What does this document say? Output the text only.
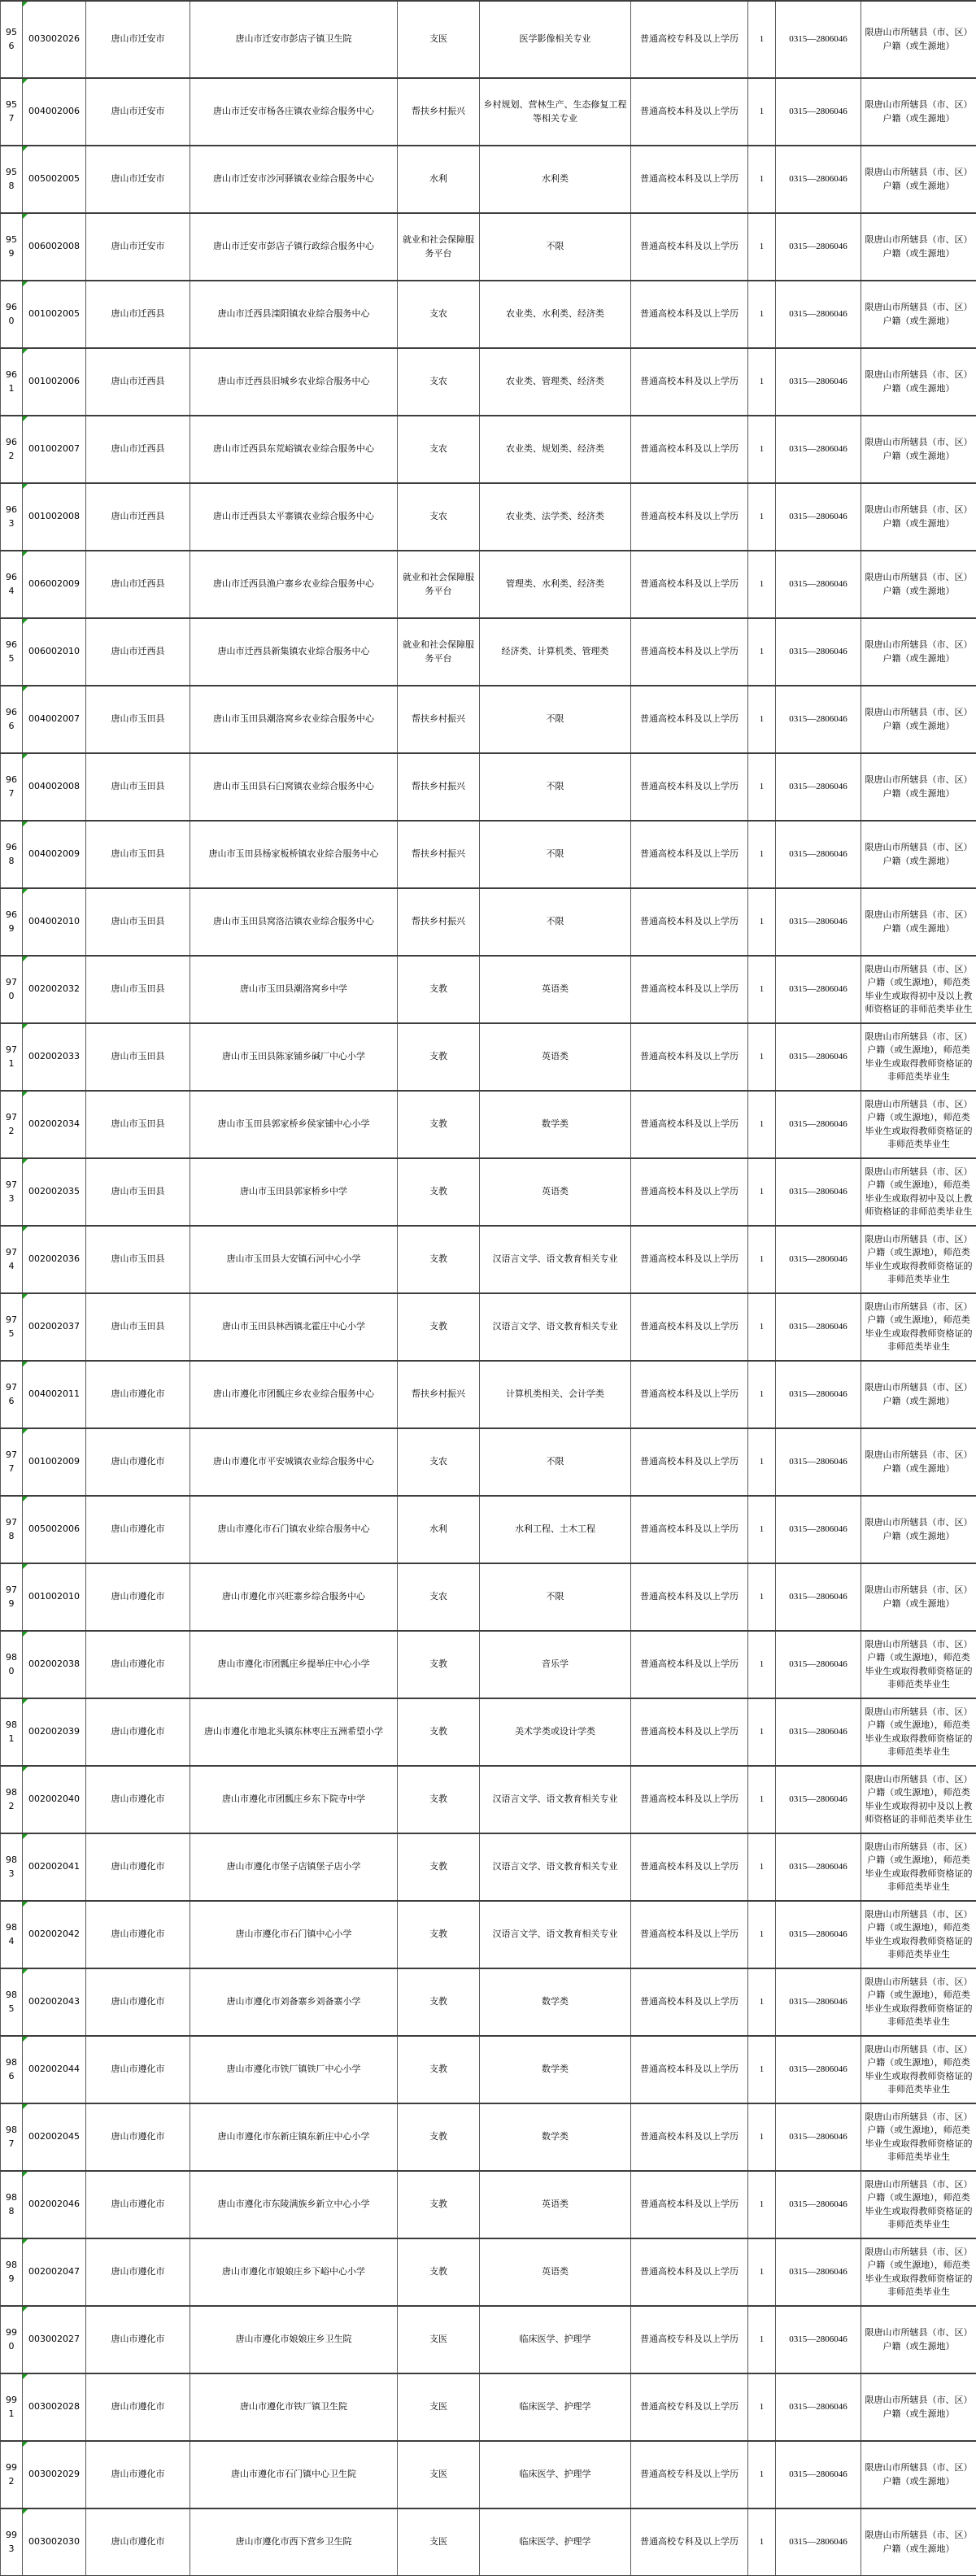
956	003002026	唐山市迁安市	唐山市迁安市彭店子镇卫生院	支医	医学影像相关专业	普通高校专科及以上学历	1	0315—2806046	限唐山市所辖县（市、区）户籍（或生源地）
957	004002006	唐山市迁安市	唐山市迁安市杨各庄镇农业综合服务中心	帮扶乡村振兴	乡村规划、营林生产、生态修复工程等相关专业	普通高校本科及以上学历	1	0315—2806046	限唐山市所辖县（市、区）户籍（或生源地）
958	005002005	唐山市迁安市	唐山市迁安市沙河驿镇农业综合服务中心	水利	水利类	普通高校本科及以上学历	1	0315—2806046	限唐山市所辖县（市、区）户籍（或生源地）
959	006002008	唐山市迁安市	唐山市迁安市彭店子镇行政综合服务中心	就业和社会保障服务平台	不限	普通高校本科及以上学历	1	0315—2806046	限唐山市所辖县（市、区）户籍（或生源地）
960	001002005	唐山市迁西县	唐山市迁西县滦阳镇农业综合服务中心	支农	农业类、水利类、经济类	普通高校本科及以上学历	1	0315—2806046	限唐山市所辖县（市、区）户籍（或生源地）
961	001002006	唐山市迁西县	唐山市迁西县旧城乡农业综合服务中心	支农	农业类、管理类、经济类	普通高校本科及以上学历	1	0315—2806046	限唐山市所辖县（市、区）户籍（或生源地）
962	001002007	唐山市迁西县	唐山市迁西县东荒峪镇农业综合服务中心	支农	农业类、规划类、经济类	普通高校本科及以上学历	1	0315—2806046	限唐山市所辖县（市、区）户籍（或生源地）
963	001002008	唐山市迁西县	唐山市迁西县太平寨镇农业综合服务中心	支农	农业类、法学类、经济类	普通高校本科及以上学历	1	0315—2806046	限唐山市所辖县（市、区）户籍（或生源地）
964	006002009	唐山市迁西县	唐山市迁西县渔户寨乡农业综合服务中心	就业和社会保障服务平台	管理类、水利类、经济类	普通高校本科及以上学历	1	0315—2806046	限唐山市所辖县（市、区）户籍（或生源地）
965	006002010	唐山市迁西县	唐山市迁西县新集镇农业综合服务中心	就业和社会保障服务平台	经济类、计算机类、管理类	普通高校本科及以上学历	1	0315—2806046	限唐山市所辖县（市、区）户籍（或生源地）
966	004002007	唐山市玉田县	唐山市玉田县潮洛窝乡农业综合服务中心	帮扶乡村振兴	不限	普通高校本科及以上学历	1	0315—2806046	限唐山市所辖县（市、区）户籍（或生源地）
967	004002008	唐山市玉田县	唐山市玉田县石臼窝镇农业综合服务中心	帮扶乡村振兴	不限	普通高校本科及以上学历	1	0315—2806046	限唐山市所辖县（市、区）户籍（或生源地）
968	004002009	唐山市玉田县	唐山市玉田县杨家板桥镇农业综合服务中心	帮扶乡村振兴	不限	普通高校本科及以上学历	1	0315—2806046	限唐山市所辖县（市、区）户籍（或生源地）
969	004002010	唐山市玉田县	唐山市玉田县窝洛沽镇农业综合服务中心	帮扶乡村振兴	不限	普通高校本科及以上学历	1	0315—2806046	限唐山市所辖县（市、区）户籍（或生源地）
970	002002032	唐山市玉田县	唐山市玉田县潮洛窝乡中学	支教	英语类	普通高校本科及以上学历	1	0315—2806046	限唐山市所辖县（市、区）户籍（或生源地），师范类毕业生或取得初中及以上教师资格证的非师范类毕业生
971	002002033	唐山市玉田县	唐山市玉田县陈家铺乡碱厂中心小学	支教	英语类	普通高校本科及以上学历	1	0315—2806046	限唐山市所辖县（市、区）户籍（或生源地），师范类毕业生或取得教师资格证的非师范类毕业生
972	002002034	唐山市玉田县	唐山市玉田县郭家桥乡侯家铺中心小学	支教	数学类	普通高校本科及以上学历	1	0315—2806046	限唐山市所辖县（市、区）户籍（或生源地），师范类毕业生或取得教师资格证的非师范类毕业生
973	002002035	唐山市玉田县	唐山市玉田县郭家桥乡中学	支教	英语类	普通高校本科及以上学历	1	0315—2806046	限唐山市所辖县（市、区）户籍（或生源地），师范类毕业生或取得初中及以上教师资格证的非师范类毕业生
974	002002036	唐山市玉田县	唐山市玉田县大安镇石河中心小学	支教	汉语言文学、语文教育相关专业	普通高校本科及以上学历	1	0315—2806046	限唐山市所辖县（市、区）户籍（或生源地），师范类毕业生或取得教师资格证的非师范类毕业生
975	002002037	唐山市玉田县	唐山市玉田县林西镇北霍庄中心小学	支教	汉语言文学、语文教育相关专业	普通高校本科及以上学历	1	0315—2806046	限唐山市所辖县（市、区）户籍（或生源地），师范类毕业生或取得教师资格证的非师范类毕业生
976	004002011	唐山市遵化市	唐山市遵化市团瓢庄乡农业综合服务中心	帮扶乡村振兴	计算机类相关、会计学类	普通高校本科及以上学历	1	0315—2806046	限唐山市所辖县（市、区）户籍（或生源地）
977	001002009	唐山市遵化市	唐山市遵化市平安城镇农业综合服务中心	支农	不限	普通高校本科及以上学历	1	0315—2806046	限唐山市所辖县（市、区）户籍（或生源地）
978	005002006	唐山市遵化市	唐山市遵化市石门镇农业综合服务中心	水利	水利工程、土木工程	普通高校本科及以上学历	1	0315—2806046	限唐山市所辖县（市、区）户籍（或生源地）
979	001002010	唐山市遵化市	唐山市遵化市兴旺寨乡综合服务中心	支农	不限	普通高校本科及以上学历	1	0315—2806046	限唐山市所辖县（市、区）户籍（或生源地）
980	002002038	唐山市遵化市	唐山市遵化市团瓢庄乡提举庄中心小学	支教	音乐学	普通高校本科及以上学历	1	0315—2806046	限唐山市所辖县（市、区）户籍（或生源地），师范类毕业生或取得教师资格证的非师范类毕业生
981	002002039	唐山市遵化市	唐山市遵化市地北头镇东林枣庄五洲希望小学	支教	美术学类或设计学类	普通高校本科及以上学历	1	0315—2806046	限唐山市所辖县（市、区）户籍（或生源地），师范类毕业生或取得教师资格证的非师范类毕业生
982	002002040	唐山市遵化市	唐山市遵化市团瓢庄乡东下院寺中学	支教	汉语言文学、语文教育相关专业	普通高校本科及以上学历	1	0315—2806046	限唐山市所辖县（市、区）户籍（或生源地），师范类毕业生或取得初中及以上教师资格证的非师范类毕业生
983	002002041	唐山市遵化市	唐山市遵化市堡子店镇堡子店小学	支教	汉语言文学、语文教育相关专业	普通高校本科及以上学历	1	0315—2806046	限唐山市所辖县（市、区）户籍（或生源地），师范类毕业生或取得教师资格证的非师范类毕业生
984	002002042	唐山市遵化市	唐山市遵化市石门镇中心小学	支教	汉语言文学、语文教育相关专业	普通高校本科及以上学历	1	0315—2806046	限唐山市所辖县（市、区）户籍（或生源地），师范类毕业生或取得教师资格证的非师范类毕业生
985	002002043	唐山市遵化市	唐山市遵化市刘备寨乡刘备寨小学	支教	数学类	普通高校本科及以上学历	1	0315—2806046	限唐山市所辖县（市、区）户籍（或生源地），师范类毕业生或取得教师资格证的非师范类毕业生
986	002002044	唐山市遵化市	唐山市遵化市铁厂镇铁厂中心小学	支教	数学类	普通高校本科及以上学历	1	0315—2806046	限唐山市所辖县（市、区）户籍（或生源地），师范类毕业生或取得教师资格证的非师范类毕业生
987	002002045	唐山市遵化市	唐山市遵化市东新庄镇东新庄中心小学	支教	数学类	普通高校本科及以上学历	1	0315—2806046	限唐山市所辖县（市、区）户籍（或生源地），师范类毕业生或取得教师资格证的非师范类毕业生
988	002002046	唐山市遵化市	唐山市遵化市东陵满族乡新立中心小学	支教	英语类	普通高校本科及以上学历	1	0315—2806046	限唐山市所辖县（市、区）户籍（或生源地），师范类毕业生或取得教师资格证的非师范类毕业生
989	002002047	唐山市遵化市	唐山市遵化市娘娘庄乡下峪中心小学	支教	英语类	普通高校本科及以上学历	1	0315—2806046	限唐山市所辖县（市、区）户籍（或生源地），师范类毕业生或取得教师资格证的非师范类毕业生
990	003002027	唐山市遵化市	唐山市遵化市娘娘庄乡卫生院	支医	临床医学、护理学	普通高校专科及以上学历	1	0315—2806046	限唐山市所辖县（市、区）户籍（或生源地）
991	003002028	唐山市遵化市	唐山市遵化市铁厂镇卫生院	支医	临床医学、护理学	普通高校专科及以上学历	1	0315—2806046	限唐山市所辖县（市、区）户籍（或生源地）
992	003002029	唐山市遵化市	唐山市遵化市石门镇中心卫生院	支医	临床医学、护理学	普通高校专科及以上学历	1	0315—2806046	限唐山市所辖县（市、区）户籍（或生源地）
993	003002030	唐山市遵化市	唐山市遵化市西下营乡卫生院	支医	临床医学、护理学	普通高校专科及以上学历	1	0315—2806046	限唐山市所辖县（市、区）户籍（或生源地）
